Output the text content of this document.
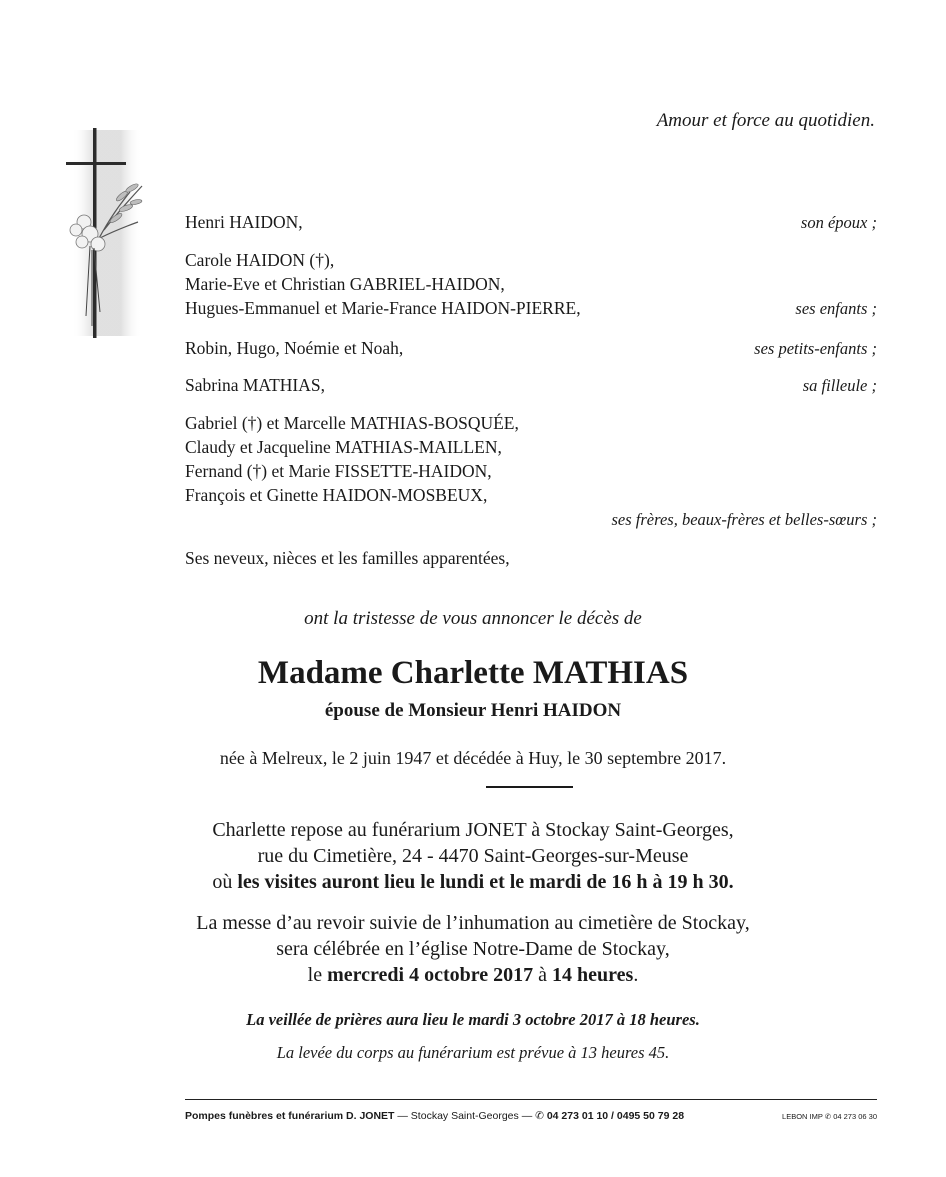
Amour et force au quotidien.
Henri HAIDON,	son époux ;
Carole HAIDON (†),
Marie-Eve et Christian GABRIEL-HAIDON,
Hugues-Emmanuel et Marie-France HAIDON-PIERRE,	ses enfants ;
Robin, Hugo, Noémie et Noah,	ses petits-enfants ;
Sabrina MATHIAS,	sa filleule ;
Gabriel (†) et Marcelle MATHIAS-BOSQUÉE,
Claudy et Jacqueline MATHIAS-MAILLEN,
Fernand (†) et Marie FISSETTE-HAIDON,
François et Ginette HAIDON-MOSBEUX,
ses frères, beaux-frères et belles-sœurs ;
Ses neveux, nièces et les familles apparentées,
ont la tristesse de vous annoncer le décès de
Madame Charlette MATHIAS
épouse de Monsieur Henri HAIDON
née à Melreux, le 2 juin 1947 et décédée à Huy, le 30 septembre 2017.
Charlette repose au funérarium JONET à Stockay Saint-Georges,
rue du Cimetière, 24 - 4470 Saint-Georges-sur-Meuse
où les visites auront lieu le lundi et le mardi de 16 h à 19 h 30.
La messe d’au revoir suivie de l’inhumation au cimetière de Stockay,
sera célébrée en l’église Notre-Dame de Stockay,
le mercredi 4 octobre 2017 à 14 heures.
La veillée de prières aura lieu le mardi 3 octobre 2017 à 18 heures.
La levée du corps au funérarium est prévue à 13 heures 45.
Pompes funèbres et funérarium D. JONET — Stockay Saint-Georges — ✆ 04 273 01 10 / 0495 50 79 28	LEBON IMP ✆ 04 273 06 30
